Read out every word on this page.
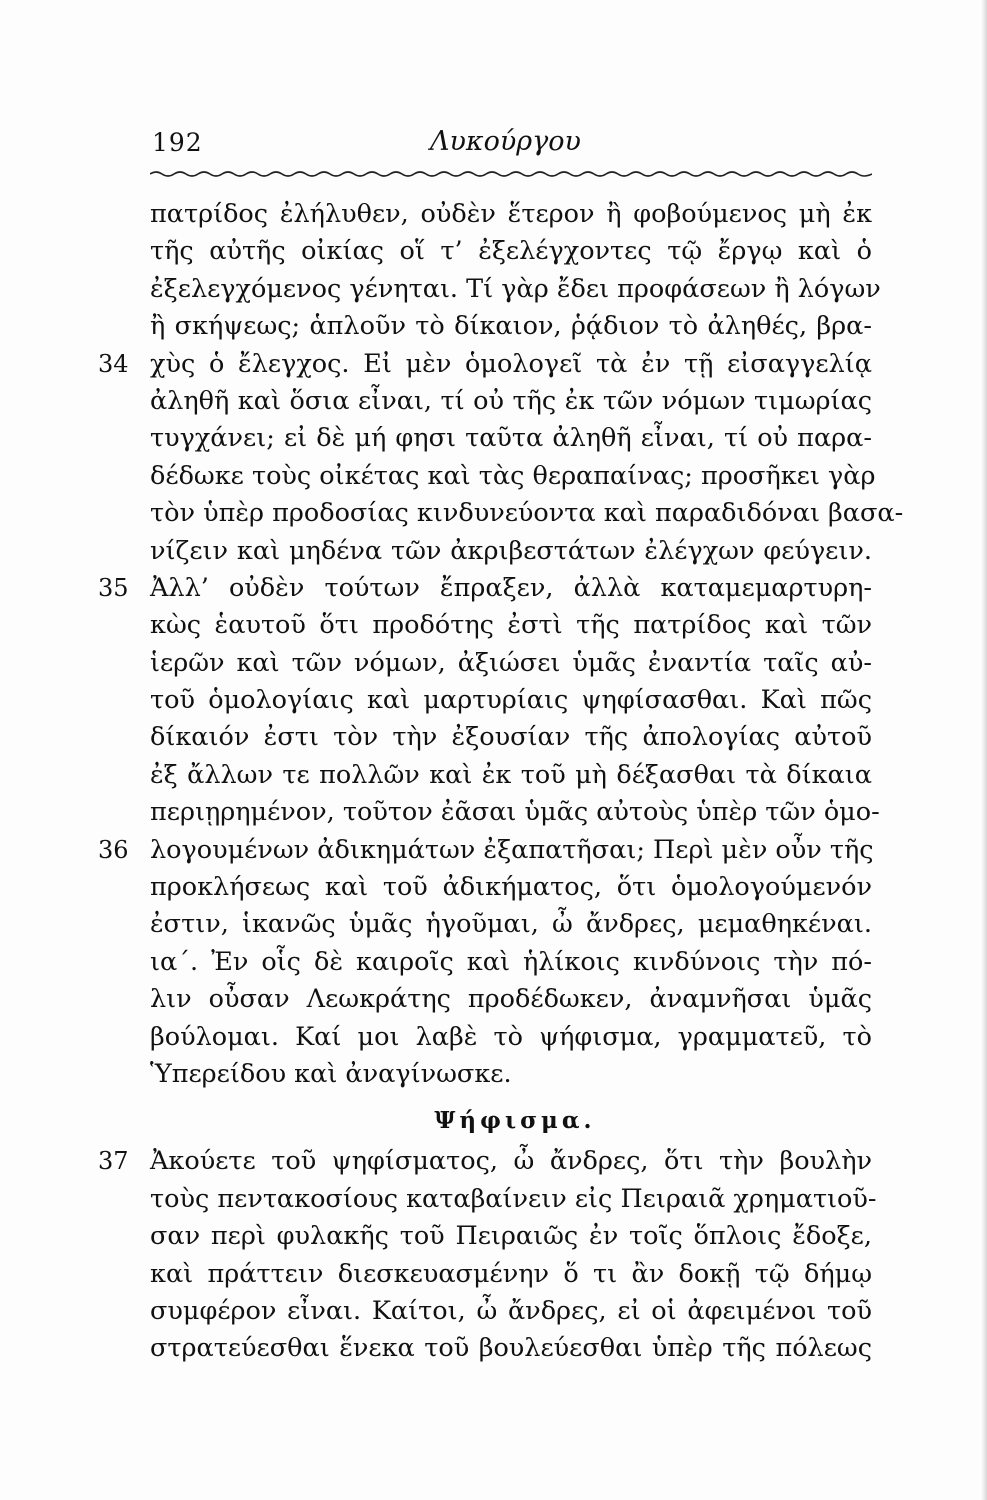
192	Λυκούργου
πατρίδος ἐλήλυθεν, οὐδὲν ἕτερον ἢ φοβούμενος μὴ ἐκ
τῆς αὐτῆς οἰκίας οἵ τ’ ἐξελέγχοντες τῷ ἔργῳ καὶ ὁ
ἐξελεγχόμενος γένηται. Τί γὰρ ἔδει προφάσεων ἢ λόγων
ἢ σκήψεως; ἁπλοῦν τὸ δίκαιον, ῥᾴδιον τὸ ἀληθές, βρα-
34 χὺς ὁ ἔλεγχος. Εἰ μὲν ὁμολογεῖ τὰ ἐν τῇ εἰσαγγελίᾳ
ἀληθῆ καὶ ὅσια εἶναι, τί οὐ τῆς ἐκ τῶν νόμων τιμωρίας
τυγχάνει; εἰ δὲ μή φησι ταῦτα ἀληθῆ εἶναι, τί οὐ παρα-
δέδωκε τοὺς οἰκέτας καὶ τὰς θεραπαίνας; προσῆκει γὰρ
τὸν ὑπὲρ προδοσίας κινδυνεύοντα καὶ παραδιδόναι βασα-
νίζειν καὶ μηδένα τῶν ἀκριβεστάτων ἐλέγχων φεύγειν.
35 Ἀλλ’ οὐδὲν τούτων ἔπραξεν, ἀλλὰ καταμεμαρτυρη-
κὼς ἑαυτοῦ ὅτι προδότης ἐστὶ τῆς πατρίδος καὶ τῶν
ἱερῶν καὶ τῶν νόμων, ἀξιώσει ὑμᾶς ἐναντία ταῖς αὐ-
τοῦ ὁμολογίαις καὶ μαρτυρίαις ψηφίσασθαι. Καὶ πῶς
δίκαιόν ἐστι τὸν τὴν ἐξουσίαν τῆς ἀπολογίας αὐτοῦ
ἐξ ἄλλων τε πολλῶν καὶ ἐκ τοῦ μὴ δέξασθαι τὰ δίκαια
περιῃρημένον, τοῦτον ἐᾶσαι ὑμᾶς αὐτοὺς ὑπὲρ τῶν ὁμο-
36 λογουμένων ἀδικημάτων ἐξαπατῆσαι; Περὶ μὲν οὖν τῆς
προκλήσεως καὶ τοῦ ἀδικήματος, ὅτι ὁμολογούμενόν
ἐστιν, ἱκανῶς ὑμᾶς ἡγοῦμαι, ὦ ἄνδρες, μεμαθηκέναι.
ια΄. Ἐν οἷς δὲ καιροῖς καὶ ἡλίκοις κινδύνοις τὴν πό-
λιν οὖσαν Λεωκράτης προδέδωκεν, ἀναμνῆσαι ὑμᾶς
βούλομαι. Καί μοι λαβὲ τὸ ψήφισμα, γραμματεῦ, τὸ
Ὑπερείδου καὶ ἀναγίνωσκε.
Ψήφισμα.
37 Ἀκούετε τοῦ ψηφίσματος, ὦ ἄνδρες, ὅτι τὴν βουλὴν
τοὺς πεντακοσίους καταβαίνειν εἰς Πειραιᾶ χρηματιοῦ-
σαν περὶ φυλακῆς τοῦ Πειραιῶς ἐν τοῖς ὅπλοις ἔδοξε,
καὶ πράττειν διεσκευασμένην ὅ τι ἂν δοκῇ τῷ δήμῳ
συμφέρον εἶναι. Καίτοι, ὦ ἄνδρες, εἰ οἱ ἀφειμένοι τοῦ
στρατεύεσθαι ἕνεκα τοῦ βουλεύεσθαι ὑπὲρ τῆς πόλεως
